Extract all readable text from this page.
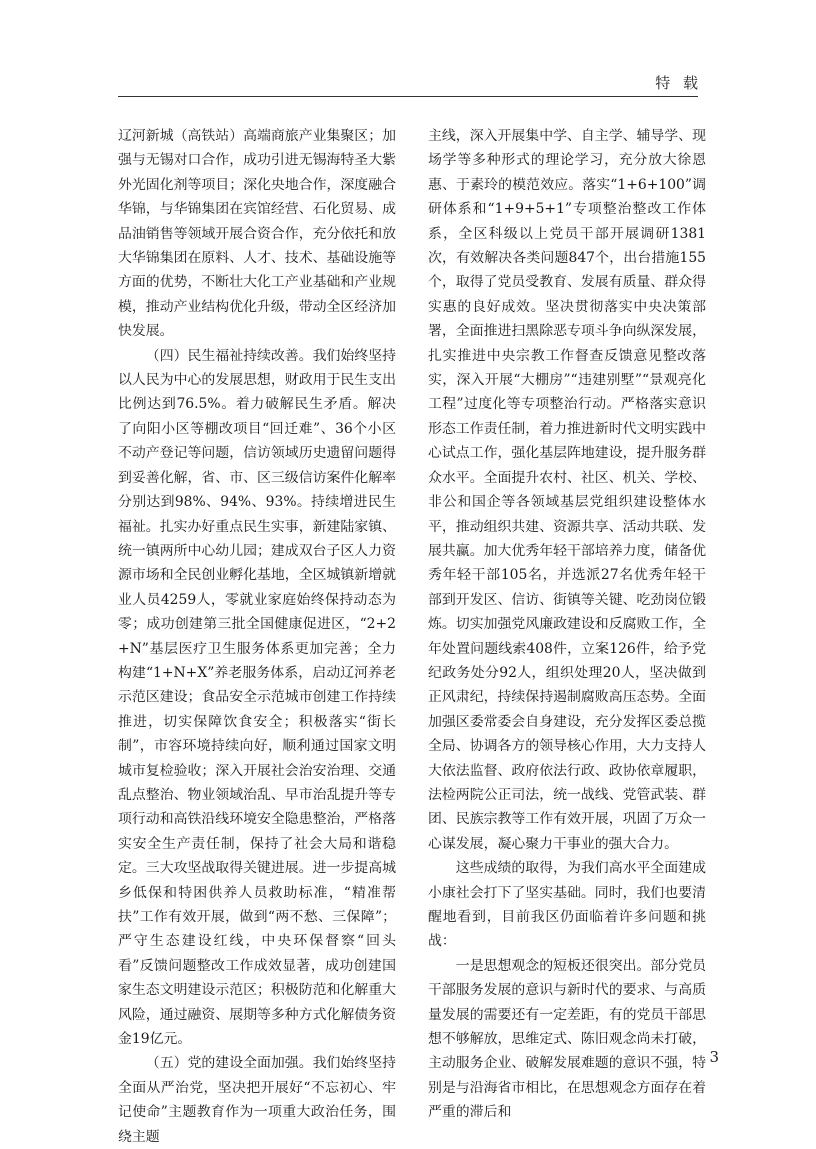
特 载

辽河新城（高铁站）高端商旅产业集聚区；加强与无锡对口合作，成功引进无锡海特圣大紫外光固化剂等项目；深化央地合作，深度融合华锦，与华锦集团在宾馆经营、石化贸易、成品油销售等领域开展合资合作，充分依托和放大华锦集团在原料、人才、技术、基础设施等方面的优势，不断壮大化工产业基础和产业规模，推动产业结构优化升级，带动全区经济加快发展。

（四）民生福祉持续改善。我们始终坚持以人民为中心的发展思想，财政用于民生支出比例达到76.5%。着力破解民生矛盾。解决了向阳小区等棚改项目“回迁难”、36个小区不动产登记等问题，信访领域历史遗留问题得到妥善化解，省、市、区三级信访案件化解率分别达到98%、94%、93%。持续增进民生福祉。扎实办好重点民生实事，新建陆家镇、统一镇两所中心幼儿园；建成双台子区人力资源市场和全民创业孵化基地，全区城镇新增就业人员4259人，零就业家庭始终保持动态为零；成功创建第三批全国健康促进区，“2+2+N”基层医疗卫生服务体系更加完善；全力构建“1+N+X”养老服务体系，启动辽河养老示范区建设；食品安全示范城市创建工作持续推进，切实保障饮食安全；积极落实“街长制”，市容环境持续向好，顺利通过国家文明城市复检验收；深入开展社会治安治理、交通乱点整治、物业领域治乱、早市治乱提升等专项行动和高铁沿线环境安全隐患整治，严格落实安全生产责任制，保持了社会大局和谐稳定。三大攻坚战取得关键进展。进一步提高城乡低保和特困供养人员救助标准，“精准帮扶”工作有效开展，做到“两不愁、三保障”；严守生态建设红线，中央环保督察“回头看”反馈问题整改工作成效显著，成功创建国家生态文明建设示范区；积极防范和化解重大风险，通过融资、展期等多种方式化解债务资金19亿元。

（五）党的建设全面加强。我们始终坚持全面从严治党，坚决把开展好“不忘初心、牢记使命”主题教育作为一项重大政治任务，围绕主题

主线，深入开展集中学、自主学、辅导学、现场学等多种形式的理论学习，充分放大徐恩惠、于素玲的模范效应。落实“1+6+100”调研体系和“1+9+5+1”专项整治整改工作体系，全区科级以上党员干部开展调研1381次，有效解决各类问题847个，出台措施155个，取得了党员受教育、发展有质量、群众得实惠的良好成效。坚决贯彻落实中央决策部署，全面推进扫黑除恶专项斗争向纵深发展，扎实推进中央宗教工作督查反馈意见整改落实，深入开展“大棚房”“违建别墅”“景观亮化工程”过度化等专项整治行动。严格落实意识形态工作责任制，着力推进新时代文明实践中心试点工作，强化基层阵地建设，提升服务群众水平。全面提升农村、社区、机关、学校、非公和国企等各领域基层党组织建设整体水平，推动组织共建、资源共享、活动共联、发展共赢。加大优秀年轻干部培养力度，储备优秀年轻干部105名，并选派27名优秀年轻干部到开发区、信访、街镇等关键、吃劲岗位锻炼。切实加强党风廉政建设和反腐败工作，全年处置问题线索408件，立案126件，给予党纪政务处分92人，组织处理20人，坚决做到正风肃纪，持续保持遏制腐败高压态势。全面加强区委常委会自身建设，充分发挥区委总揽全局、协调各方的领导核心作用，大力支持人大依法监督、政府依法行政、政协依章履职，法检两院公正司法，统一战线、党管武装、群团、民族宗教等工作有效开展，巩固了万众一心谋发展，凝心聚力干事业的强大合力。

这些成绩的取得，为我们高水平全面建成小康社会打下了坚实基础。同时，我们也要清醒地看到，目前我区仍面临着许多问题和挑战：

一是思想观念的短板还很突出。部分党员干部服务发展的意识与新时代的要求、与高质量发展的需要还有一定差距，有的党员干部思想不够解放，思维定式、陈旧观念尚未打破，主动服务企业、破解发展难题的意识不强，特别是与沿海省市相比，在思想观念方面存在着严重的滞后和

3
